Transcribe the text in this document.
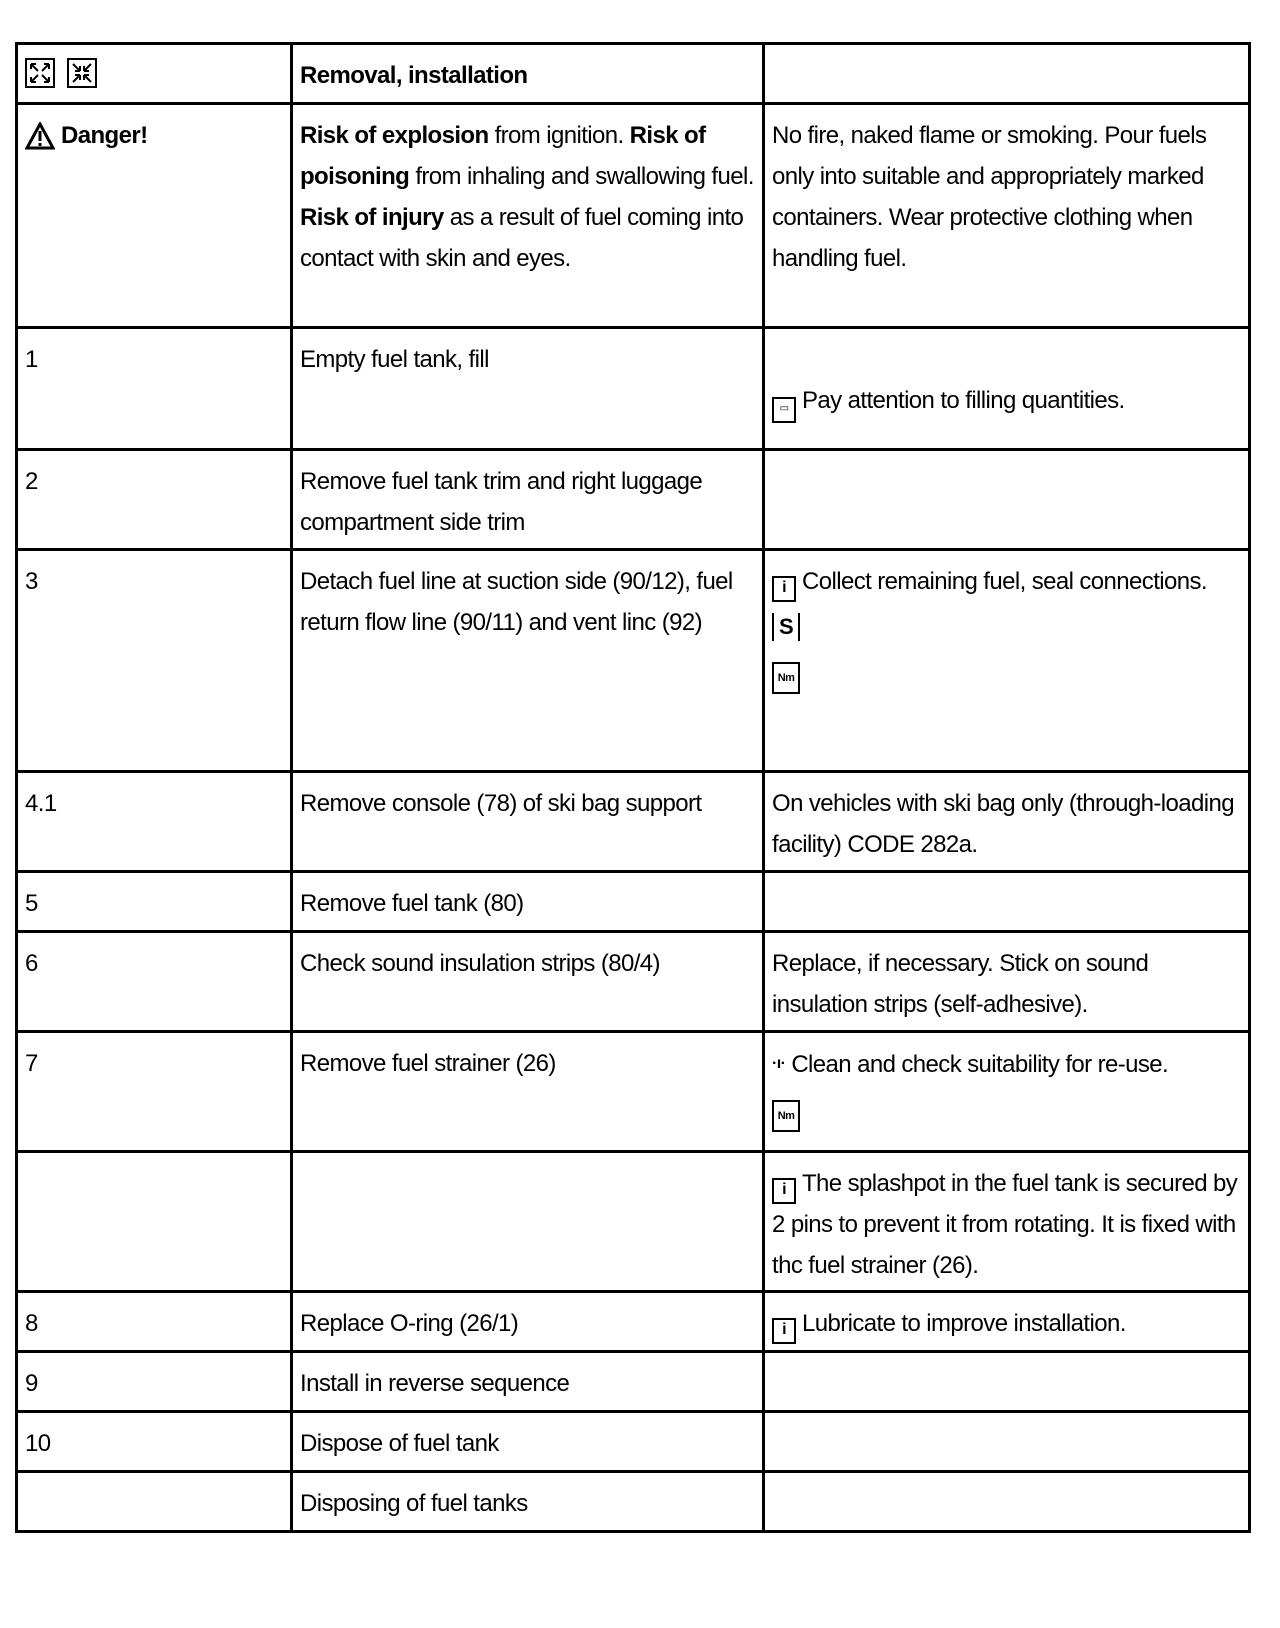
	Removal, installation	

Danger!	Risk of explosion from ignition. Risk of poisoning from inhaling and swallowing fuel. Risk of injury as a result of fuel coming into contact with skin and eyes.	No fire, naked flame or smoking. Pour fuels only into suitable and appropriately marked containers. Wear protective clothing when handling fuel.
1	Empty fuel tank, fill	▭ Pay attention to filling quantities.
2	Remove fuel tank trim and right luggage compartment side trim	
3	Detach fuel line at suction side (90/12), fuel return flow line (90/11) and vent linc (92)	i Collect remaining fuel, seal connections.
S
Nm

4.1	Remove console (78) of ski bag support	On vehicles with ski bag only (through-loading facility) CODE 282a.
5	Remove fuel tank (80)	
6	Check sound insulation strips (80/4)	Replace, if necessary. Stick on sound insulation strips (self-adhesive).
7	Remove fuel strainer (26)	·ı· Clean and check suitability for re-use.
Nm

		i The splashpot in the fuel tank is secured by 2 pins to prevent it from rotating. It is fixed with thc fuel strainer (26).
8	Replace O-ring (26/1)	i Lubricate to improve installation.
9	Install in reverse sequence	
10	Dispose of fuel tank	
	Disposing of fuel tanks	
